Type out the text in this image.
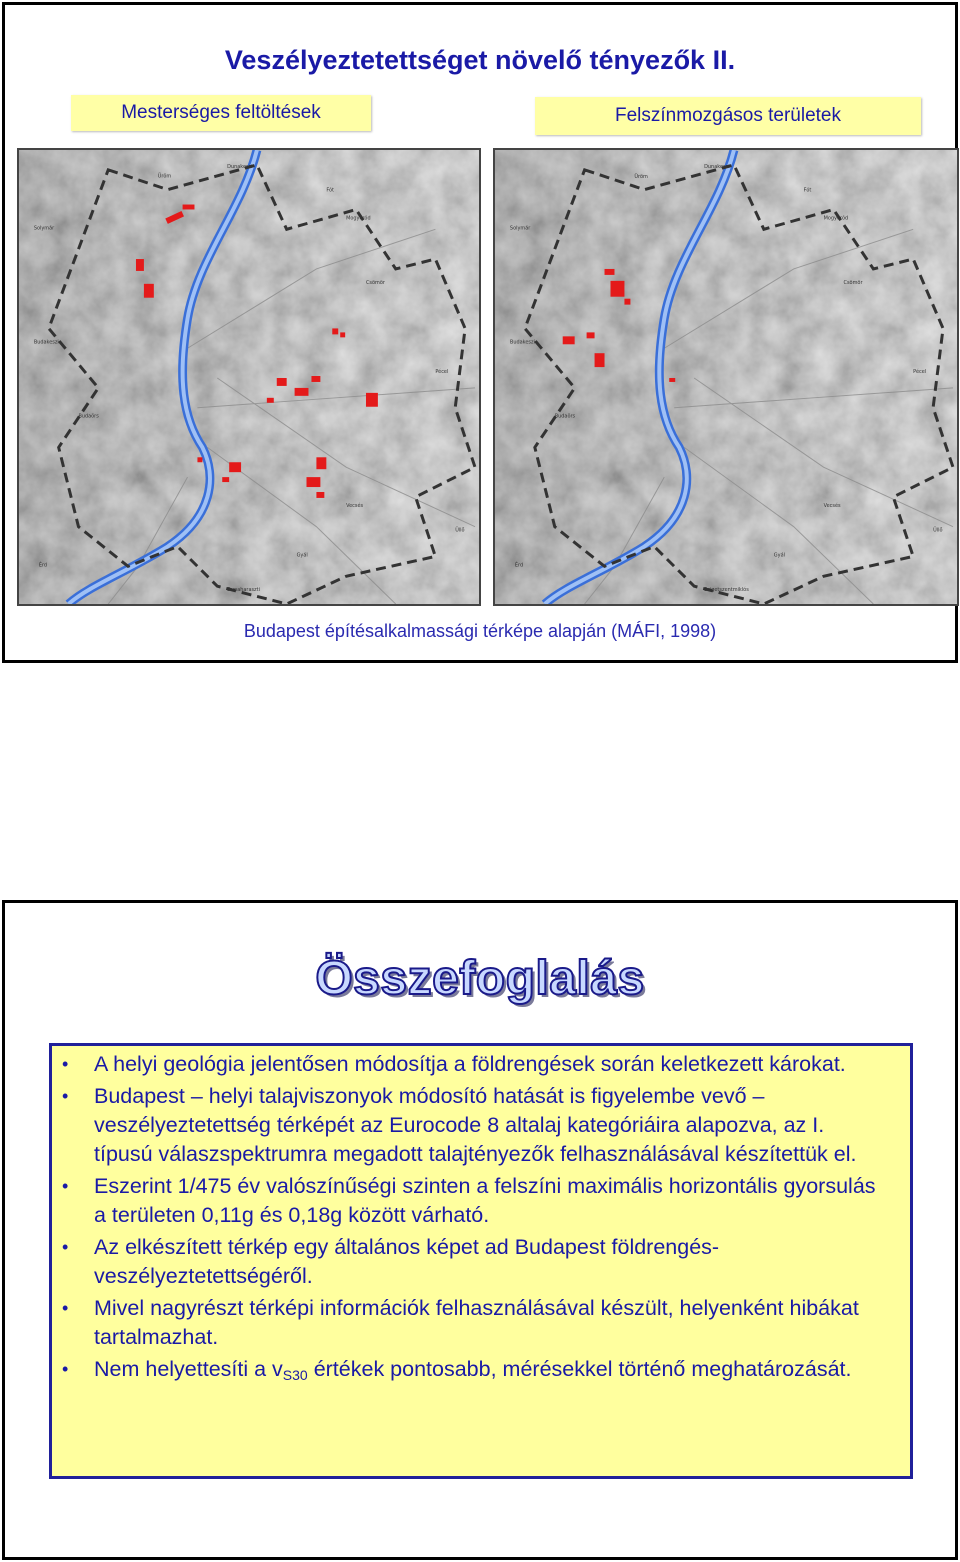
Veszélyeztetettséget növelő tényezők II.
Mesterséges feltöltések	Felszínmozgásos területek
Üröm
Dunakeszi
Fót
Mogyoród
Csömör
Solymár
Budakeszi
Pécel
Budaörs
Vecsés
Gyál
Érd
Dunaharaszti
Üllő
Üröm
Dunakeszi
Fót
Mogyoród
Csömör
Solymár
Budakeszi
Pécel
Budaörs
Vecsés
Gyál
Érd
Szigetszentmiklós
Üllő
Budapest építésalkalmassági térképe alapján (MÁFI, 1998)
Összefoglalás
• A helyi geológia jelentősen módosítja a földrengések során keletkezett károkat.
• Budapest – helyi talajviszonyok módosító hatását is figyelembe vevő – veszélyeztetettség térképét az Eurocode 8 altalaj kategóriáira alapozva, az I. típusú válaszspektrumra megadott talajtényezők felhasználásával készítettük el.
• Eszerint 1/475 év valószínűségi szinten a felszíni maximális horizontális gyorsulás a területen 0,11g és 0,18g között várható.
• Az elkészített térkép egy általános képet ad Budapest földrengés-veszélyeztetettségéről.
• Mivel nagyrészt térképi információk felhasználásával készült, helyenként hibákat tartalmazhat.
• Nem helyettesíti a $v_{S30}$ értékek pontosabb, mérésekkel történő meghatározását.
